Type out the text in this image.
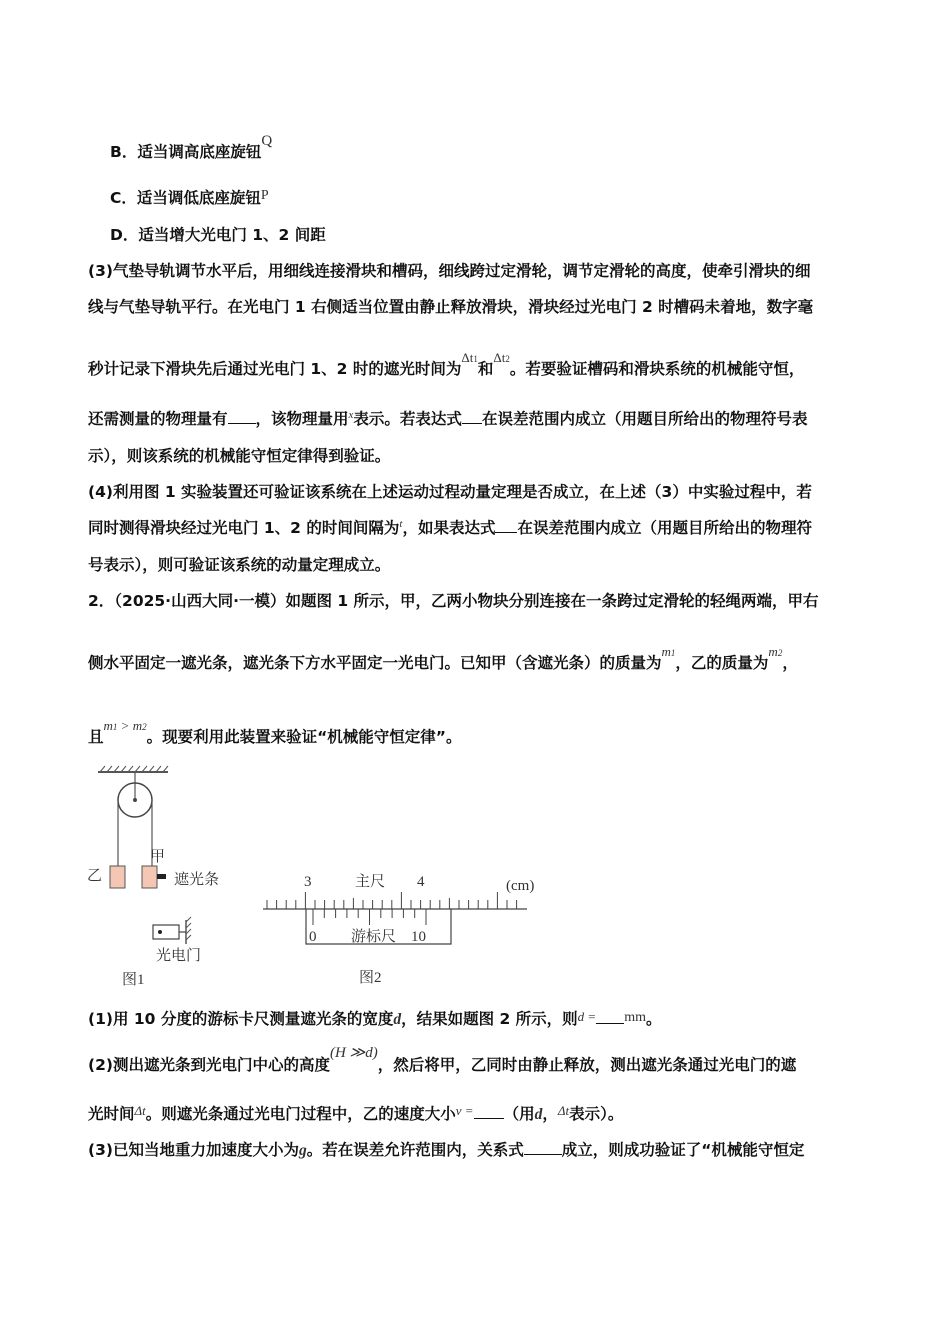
B．适当调高底座旋钮Q
C．适当调低底座旋钮P
D．适当增大光电门 1、2 间距
(3)气垫导轨调节水平后，用细线连接滑块和槽码，细线跨过定滑轮，调节定滑轮的高度，使牵引滑块的细
线与气垫导轨平行。在光电门 1 右侧适当位置由静止释放滑块，滑块经过光电门 2 时槽码未着地，数字毫
秒计记录下滑块先后通过光电门 1、2 时的遮光时间为$^{\Delta t1}$和$^{\Delta t2}$。若要验证槽码和滑块系统的机械能守恒，
还需测量的物理量有 ，该物理量用$^x$表示。若表达式 在误差范围内成立（用题目所给出的物理符号表
示），则该系统的机械能守恒定律得到验证。
(4)利用图 1 实验装置还可验证该系统在上述运动过程动量定理是否成立，在上述（3）中实验过程中，若
同时测得滑块经过光电门 1、2 的时间间隔为$^t$，如果表达式 在误差范围内成立（用题目所给出的物理符
号表示），则可验证该系统的动量定理成立。
2．（2025·山西大同·一模）如题图 1 所示，甲，乙两小物块分别连接在一条跨过定滑轮的轻绳两端，甲右
侧水平固定一遮光条，遮光条下方水平固定一光电门。已知甲（含遮光条）的质量为$^{m1}$，乙的质量为$^{m2}$，
且$^{m1 > m2}$。现要利用此装置来验证“机械能守恒定律”。
乙
甲
遮光条
光电门
图1
3	主尺 4	(cm)
0 游标尺 10
图2
(1)用 10 分度的游标卡尺测量遮光条的宽度d，结果如题图 2 所示，则d = mm。
(2)测出遮光条到光电门中心的高度(H ≫d)，然后将甲，乙同时由静止释放，测出遮光条通过光电门的遮
光时间$^{\Delta t}$。则遮光条通过光电门过程中，乙的速度大小$^{v =}$ （用d，$^{\Delta t}$表示）。
(3)已知当地重力加速度大小为g。若在误差允许范围内，关系式 成立，则成功验证了“机械能守恒定
